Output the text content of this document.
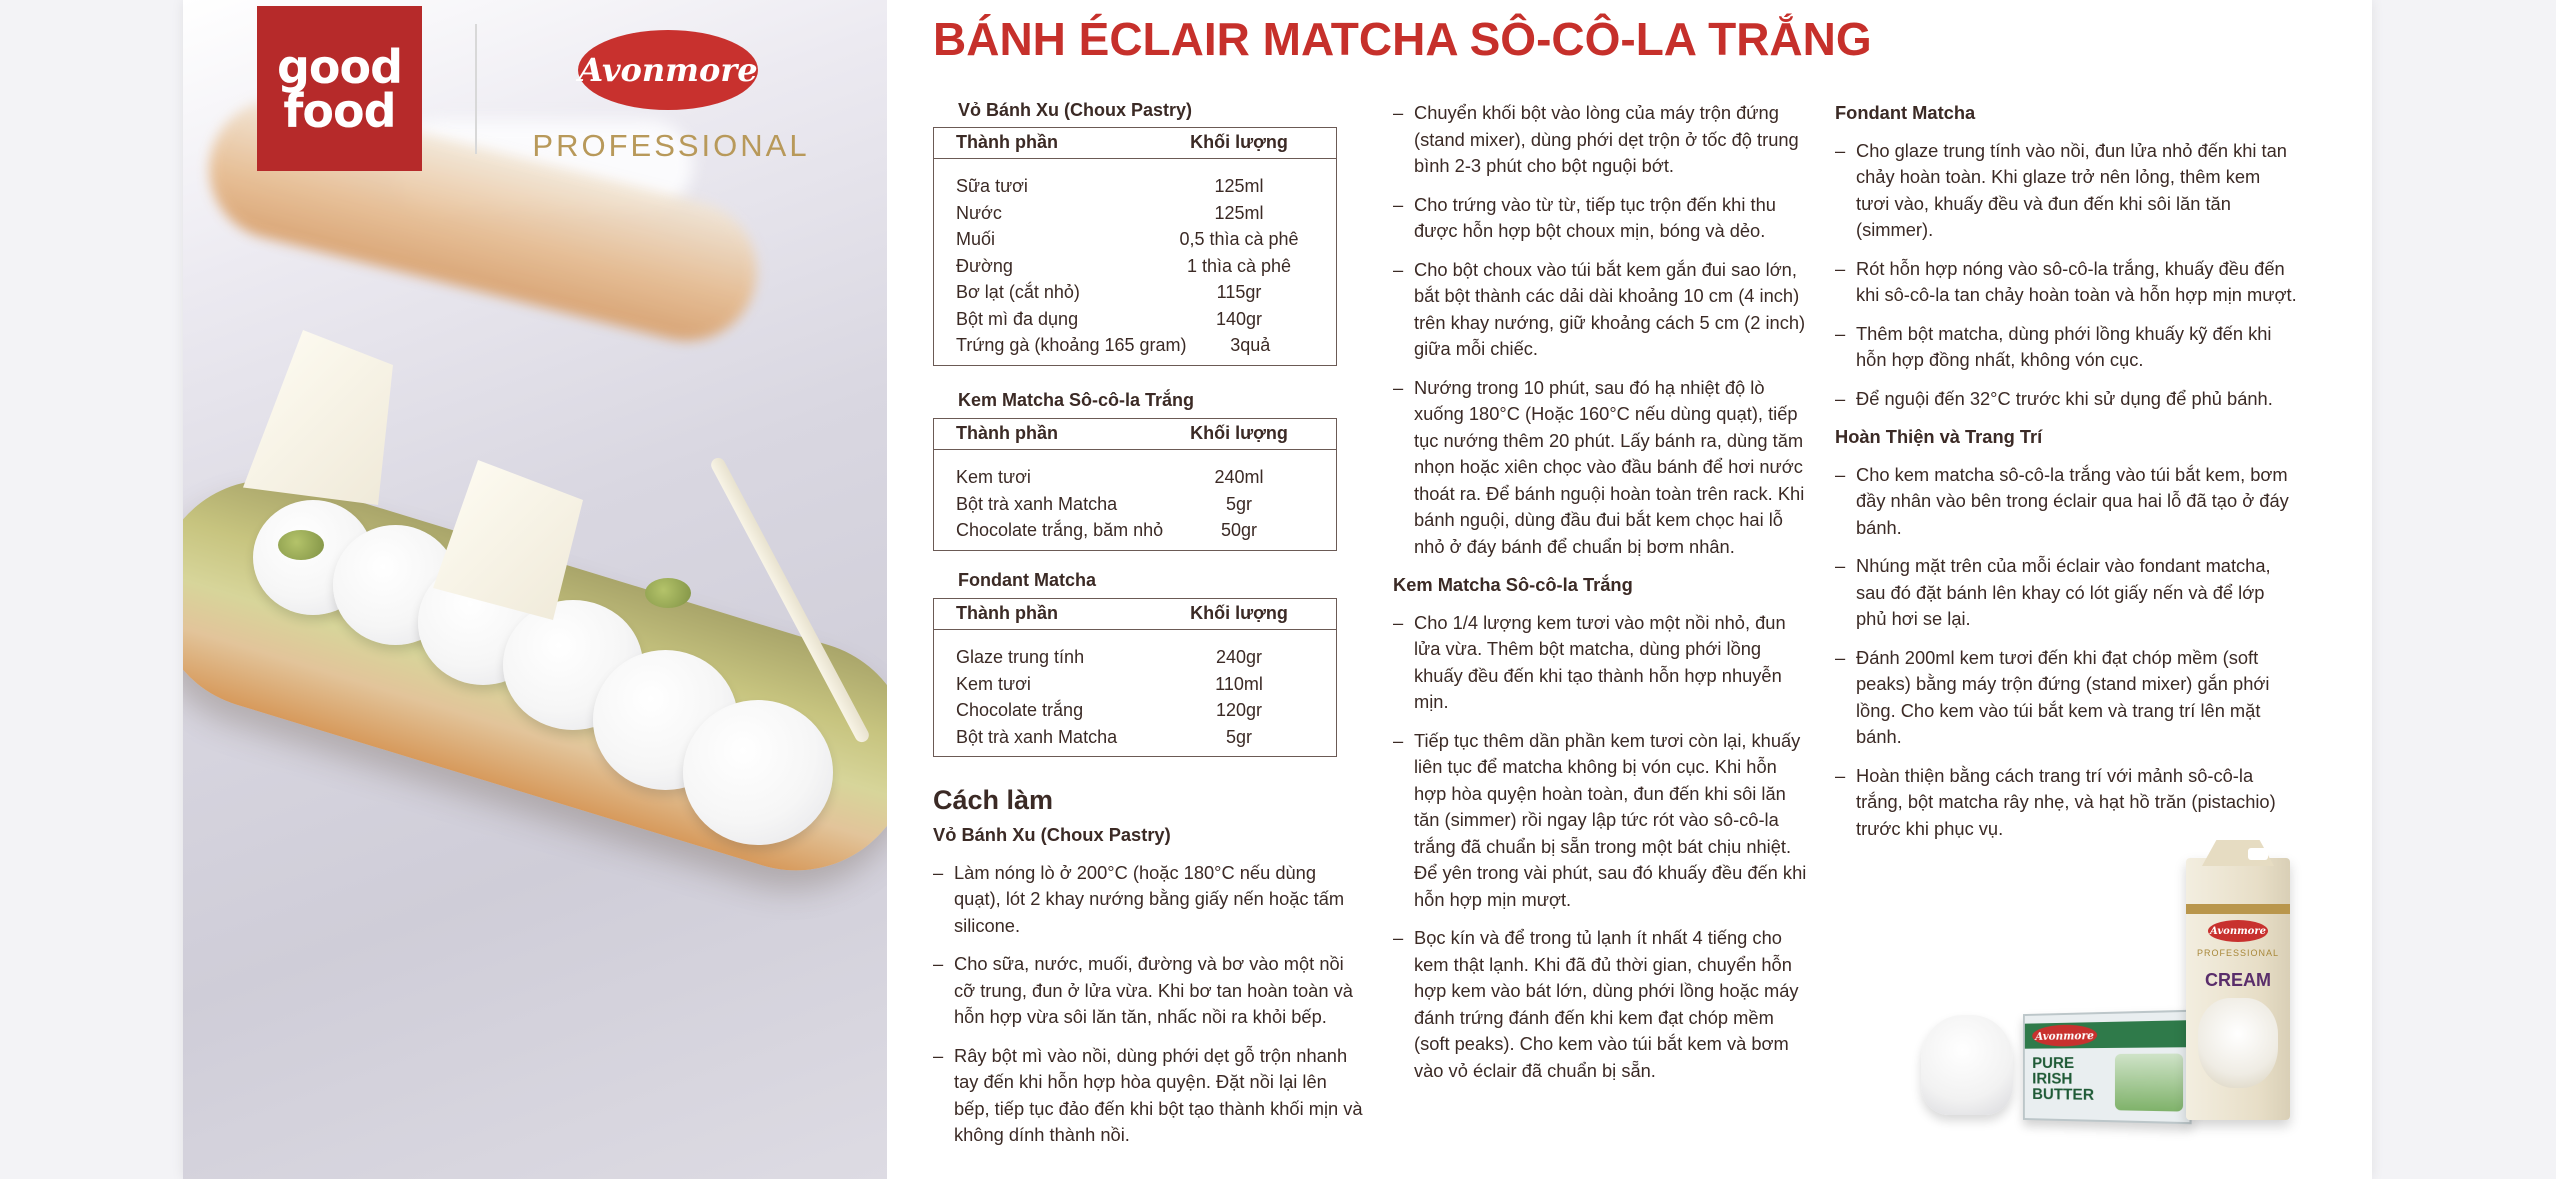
good
food
Avonmore
PROFESSIONAL
BÁNH ÉCLAIR MATCHA SÔ-CÔ-LA TRẮNG
Vỏ Bánh Xu (Choux Pastry)
Thành phần	Khối lượng
Sữa tươi	125ml
Nước	125ml
Muối	0,5 thìa cà phê
Đường	1 thìa cà phê
Bơ lạt (cắt nhỏ)	115gr
Bột mì đa dụng	140gr
Trứng gà (khoảng 165 gram)	3quả
Kem Matcha Sô-cô-la Trắng
Thành phần	Khối lượng
Kem tươi	240ml
Bột trà xanh Matcha	5gr
Chocolate trắng, băm nhỏ	50gr
Fondant Matcha
Thành phần	Khối lượng
Glaze trung tính	240gr
Kem tươi	110ml
Chocolate trắng	120gr
Bột trà xanh Matcha	5gr
Cách làm
Vỏ Bánh Xu (Choux Pastry)
– Làm nóng lò ở 200°C (hoặc 180°C nếu dùng quạt), lót 2 khay nướng bằng giấy nến hoặc tấm silicone.
– Cho sữa, nước, muối, đường và bơ vào một nồi cỡ trung, đun ở lửa vừa. Khi bơ tan hoàn toàn và hỗn hợp vừa sôi lăn tăn, nhấc nồi ra khỏi bếp.
– Rây bột mì vào nồi, dùng phới dẹt gỗ trộn nhanh tay đến khi hỗn hợp hòa quyện. Đặt nồi lại lên bếp, tiếp tục đảo đến khi bột tạo thành khối mịn và không dính thành nồi.
– Chuyển khối bột vào lòng của máy trộn đứng (stand mixer), dùng phới dẹt trộn ở tốc độ trung bình 2-3 phút cho bột nguội bớt.
– Cho trứng vào từ từ, tiếp tục trộn đến khi thu được hỗn hợp bột choux mịn, bóng và dẻo.
– Cho bột choux vào túi bắt kem gắn đui sao lớn, bắt bột thành các dải dài khoảng 10 cm (4 inch) trên khay nướng, giữ khoảng cách 5 cm (2 inch) giữa mỗi chiếc.
– Nướng trong 10 phút, sau đó hạ nhiệt độ lò xuống 180°C (Hoặc 160°C nếu dùng quạt), tiếp tục nướng thêm 20 phút. Lấy bánh ra, dùng tăm nhọn hoặc xiên chọc vào đầu bánh để hơi nước thoát ra. Để bánh nguội hoàn toàn trên rack. Khi bánh nguội, dùng đầu đui bắt kem chọc hai lỗ nhỏ ở đáy bánh để chuẩn bị bơm nhân.
Kem Matcha Sô-cô-la Trắng
– Cho 1/4 lượng kem tươi vào một nồi nhỏ, đun lửa vừa. Thêm bột matcha, dùng phới lồng khuấy đều đến khi tạo thành hỗn hợp nhuyễn mịn.
– Tiếp tục thêm dần phần kem tươi còn lại, khuấy liên tục để matcha không bị vón cục. Khi hỗn hợp hòa quyện hoàn toàn, đun đến khi sôi lăn tăn (simmer) rồi ngay lập tức rót vào sô-cô-la trắng đã chuẩn bị sẵn trong một bát chịu nhiệt. Để yên trong vài phút, sau đó khuấy đều đến khi hỗn hợp mịn mượt.
– Bọc kín và để trong tủ lạnh ít nhất 4 tiếng cho kem thật lạnh. Khi đã đủ thời gian, chuyển hỗn hợp kem vào bát lớn, dùng phới lồng hoặc máy đánh trứng đánh đến khi kem đạt chóp mềm (soft peaks). Cho kem vào túi bắt kem và bơm vào vỏ éclair đã chuẩn bị sẵn.
Fondant Matcha
– Cho glaze trung tính vào nồi, đun lửa nhỏ đến khi tan chảy hoàn toàn. Khi glaze trở nên lỏng, thêm kem tươi vào, khuấy đều và đun đến khi sôi lăn tăn (simmer).
– Rót hỗn hợp nóng vào sô-cô-la trắng, khuấy đều đến khi sô-cô-la tan chảy hoàn toàn và hỗn hợp mịn mượt.
– Thêm bột matcha, dùng phới lồng khuấy kỹ đến khi hỗn hợp đồng nhất, không vón cục.
– Để nguội đến 32°C trước khi sử dụng để phủ bánh.
Hoàn Thiện và Trang Trí
– Cho kem matcha sô-cô-la trắng vào túi bắt kem, bơm đầy nhân vào bên trong éclair qua hai lỗ đã tạo ở đáy bánh.
– Nhúng mặt trên của mỗi éclair vào fondant matcha, sau đó đặt bánh lên khay có lót giấy nến và để lớp phủ hơi se lại.
– Đánh 200ml kem tươi đến khi đạt chóp mềm (soft peaks) bằng máy trộn đứng (stand mixer) gắn phới lồng. Cho kem vào túi bắt kem và trang trí lên mặt bánh.
– Hoàn thiện bằng cách trang trí với mảnh sô-cô-la trắng, bột matcha rây nhẹ, và hạt hồ trăn (pistachio) trước khi phục vụ.
Avonmore
PURE IRISH BUTTER
Avonmore
PROFESSIONAL
CREAM
